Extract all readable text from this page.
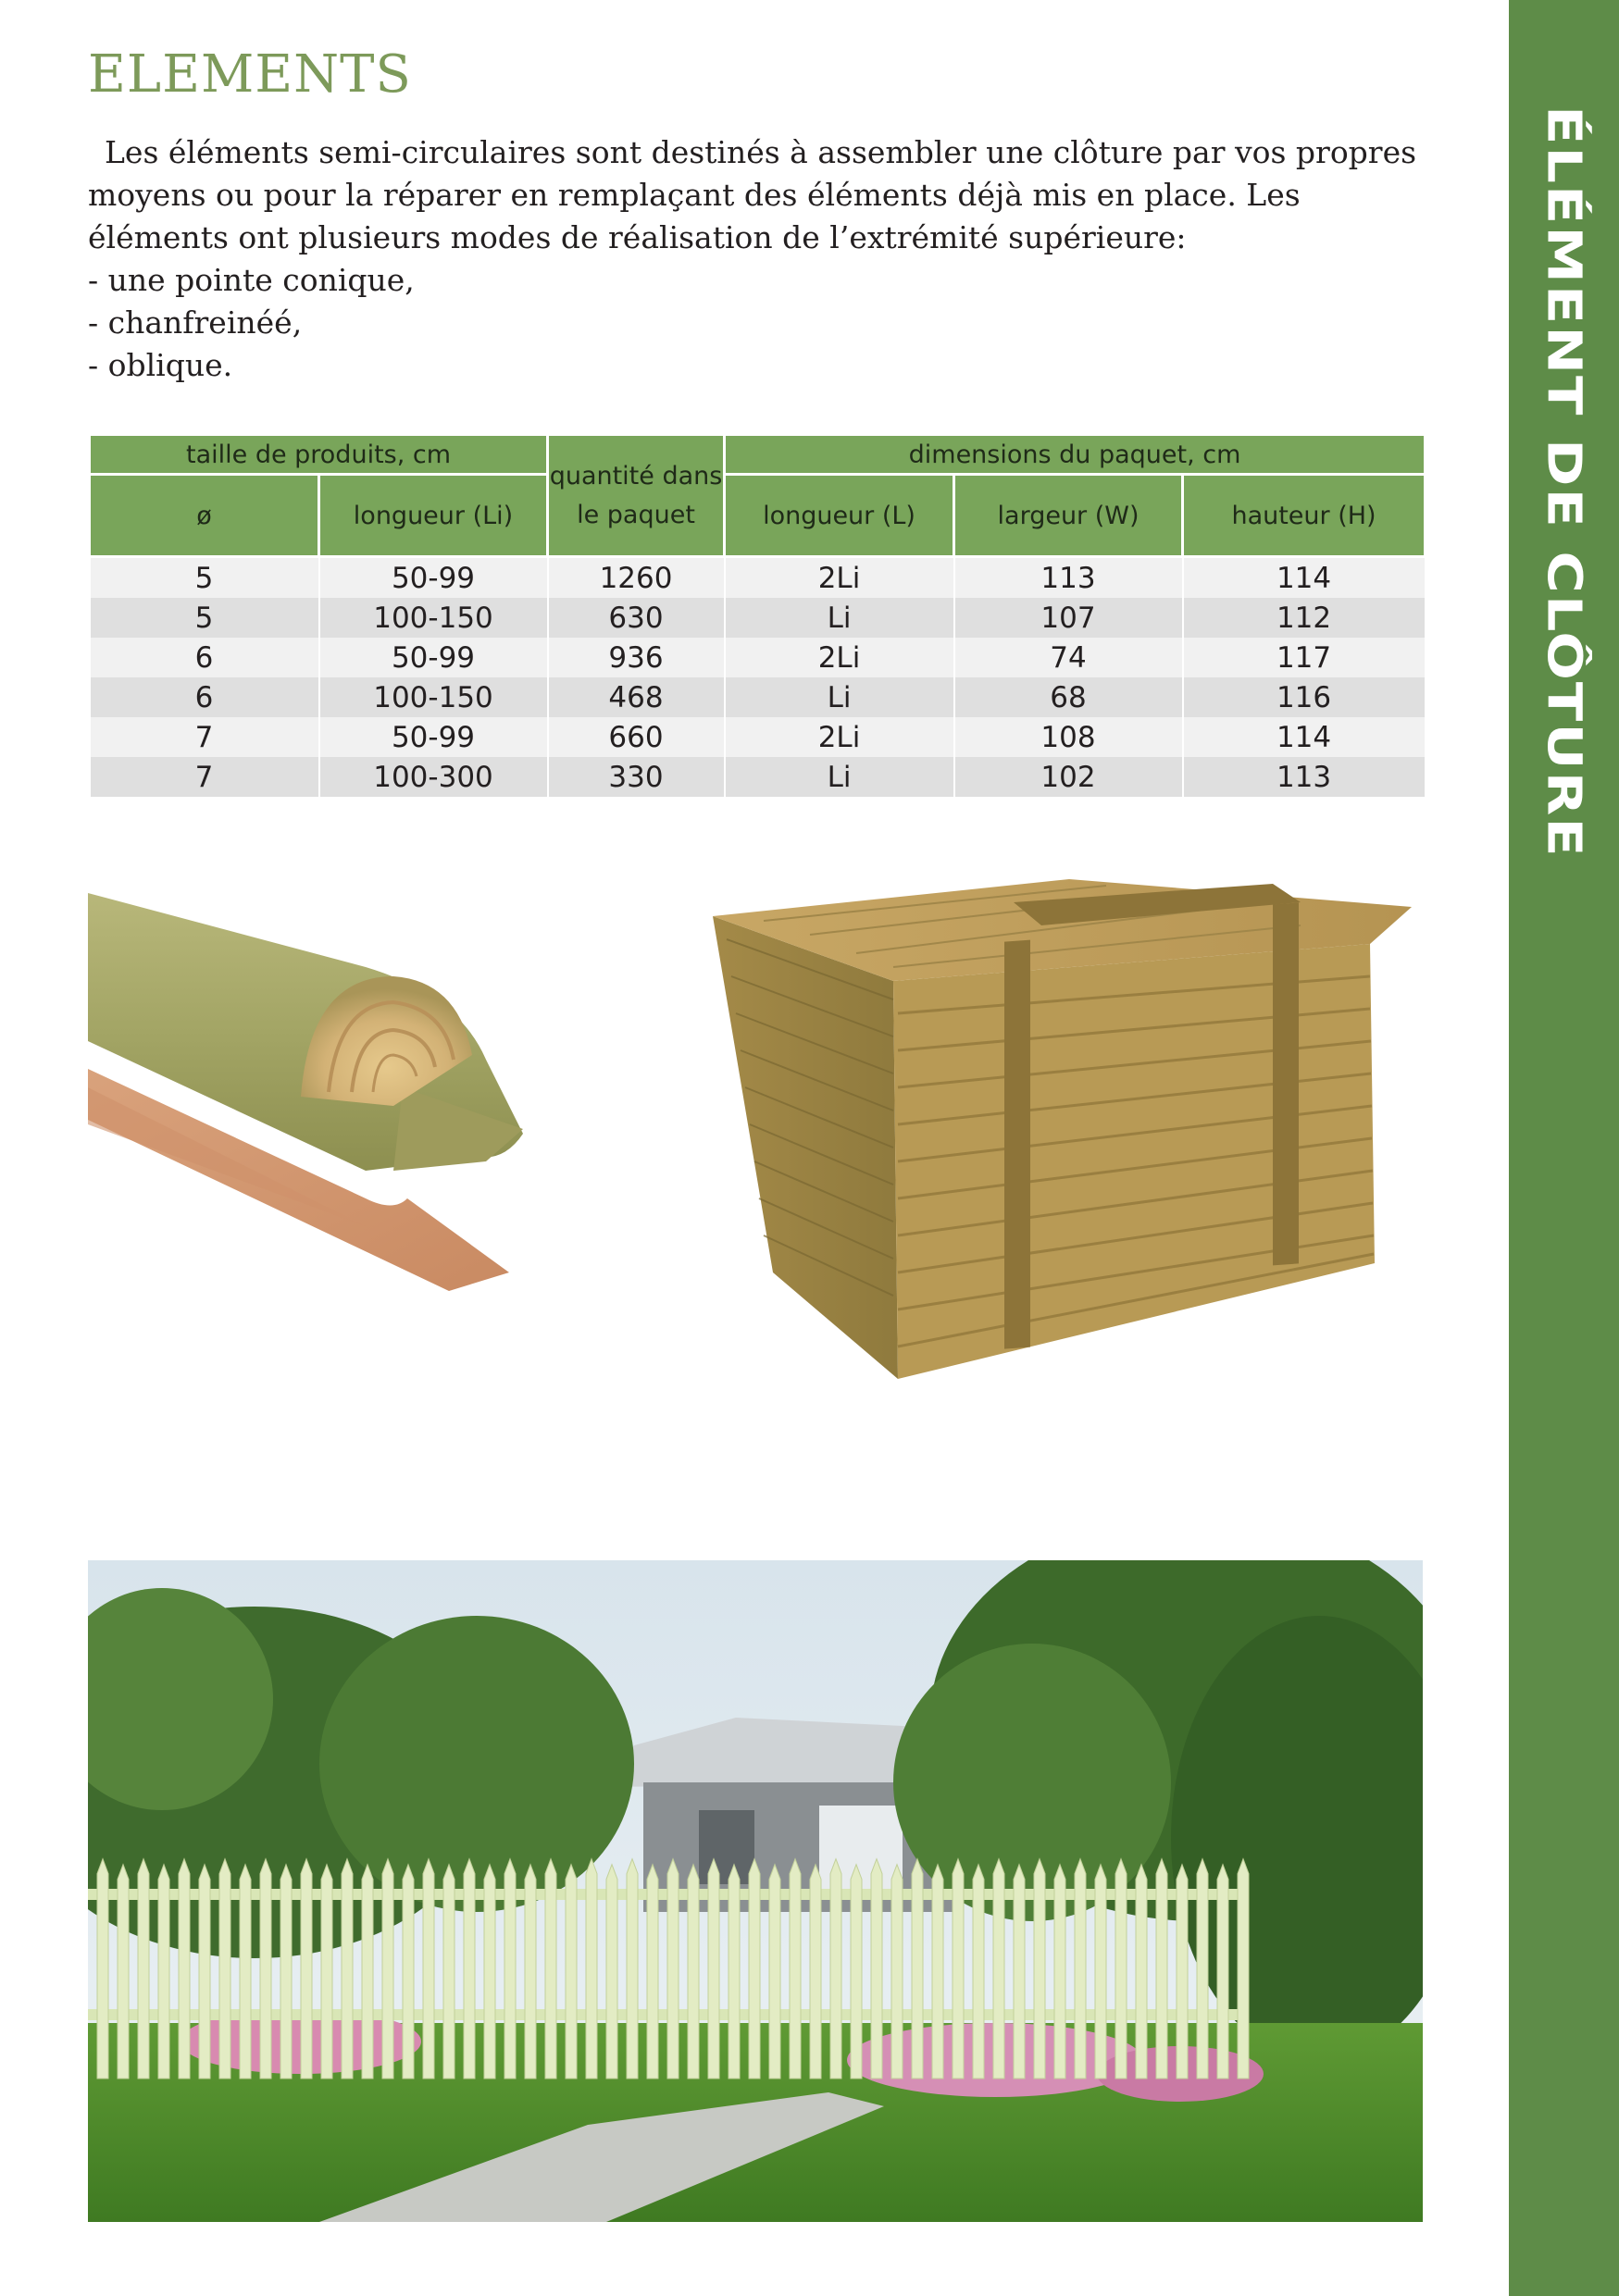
ÉLÉMENT DE CLÔTURE
ELEMENTS

Les éléments semi-circulaires sont destinés à assembler une clôture par vos propres moyens ou pour la réparer en remplaçant des éléments déjà mis en place. Les éléments ont plusieurs modes de réalisation de l’extrémité supérieure:

- une pointe conique,

- chanfreinéé,

- oblique.

taille de produits, cm		quantité dans le paquet	dimensions du paquet, cm		
ø	longueur (Li)		longueur (L)	largeur (W)	hauteur (H)
5	50-99	1260	2Li	113	114
5	100-150	630	Li	107	112
6	50-99	936	2Li	74	117
6	100-150	468	Li	68	116
7	50-99	660	2Li	108	114
7	100-300	330	Li	102	113
